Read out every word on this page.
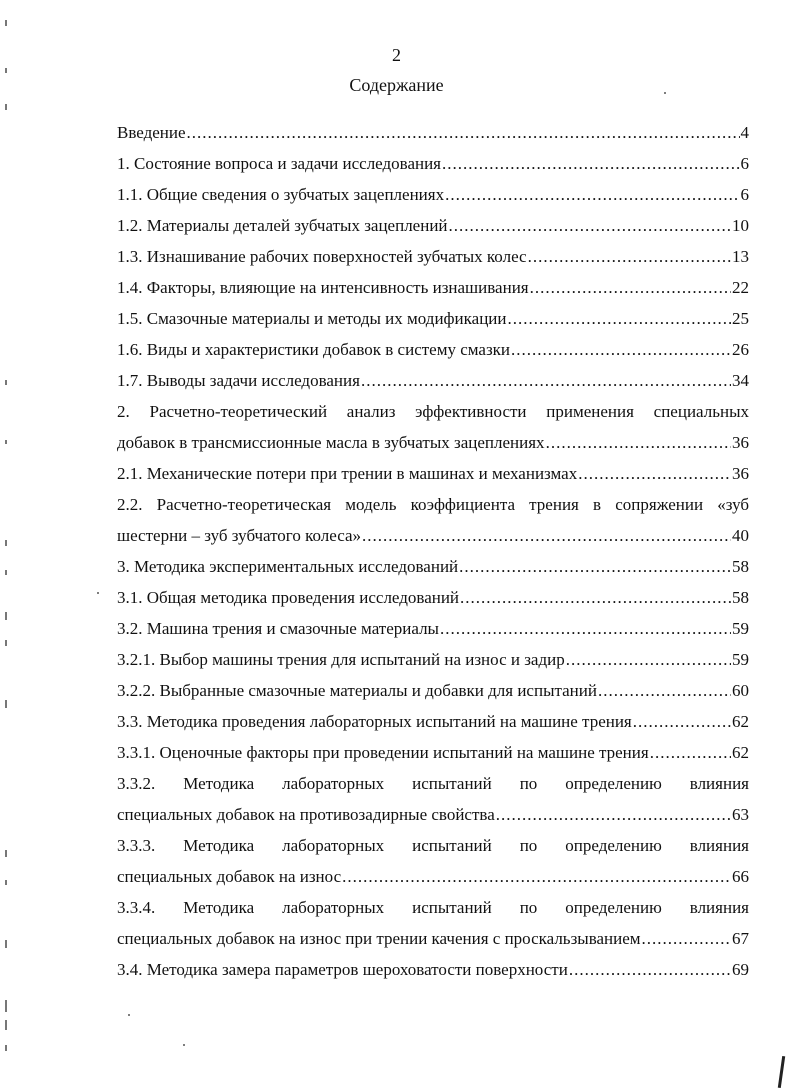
2
Содержание
Введение .....	4
1. Состояние вопроса и задачи исследования .....	6
1.1. Общие сведения о зубчатых зацеплениях .....	6
1.2. Материалы деталей зубчатых зацеплений .....	10
1.3. Изнашивание рабочих поверхностей зубчатых колес .....	13
1.4. Факторы, влияющие на интенсивность изнашивания .....	22
1.5. Смазочные материалы и методы их модификации .....	25
1.6. Виды и характеристики добавок в систему смазки .....	26
1.7. Выводы задачи исследования .....	34
2. Расчетно-теоретический анализ эффективности применения специальных
добавок в трансмиссионные масла в зубчатых зацеплениях .....	36
2.1. Механические потери при трении в машинах и механизмах .....	36
2.2. Расчетно-теоретическая модель коэффициента трения в сопряжении «зуб
шестерни – зуб зубчатого колеса» .....	40
3. Методика экспериментальных исследований .....	58
3.1. Общая методика проведения исследований .....	58
3.2. Машина трения и смазочные материалы .....	59
3.2.1. Выбор машины трения для испытаний на износ и задир .....	59
3.2.2. Выбранные смазочные материалы и добавки для испытаний .....	60
3.3. Методика проведения лабораторных испытаний на машине трения .....	62
3.3.1. Оценочные факторы при проведении испытаний на машине трения .....	62
3.3.2. Методика лабораторных испытаний по определению влияния
специальных добавок на противозадирные свойства .....	63
3.3.3. Методика лабораторных испытаний по определению влияния
специальных добавок на износ .....	66
3.3.4. Методика лабораторных испытаний по определению влияния
специальных добавок на износ при трении качения с проскальзыванием .....	67
3.4. Методика замера параметров шероховатости поверхности .....	69
